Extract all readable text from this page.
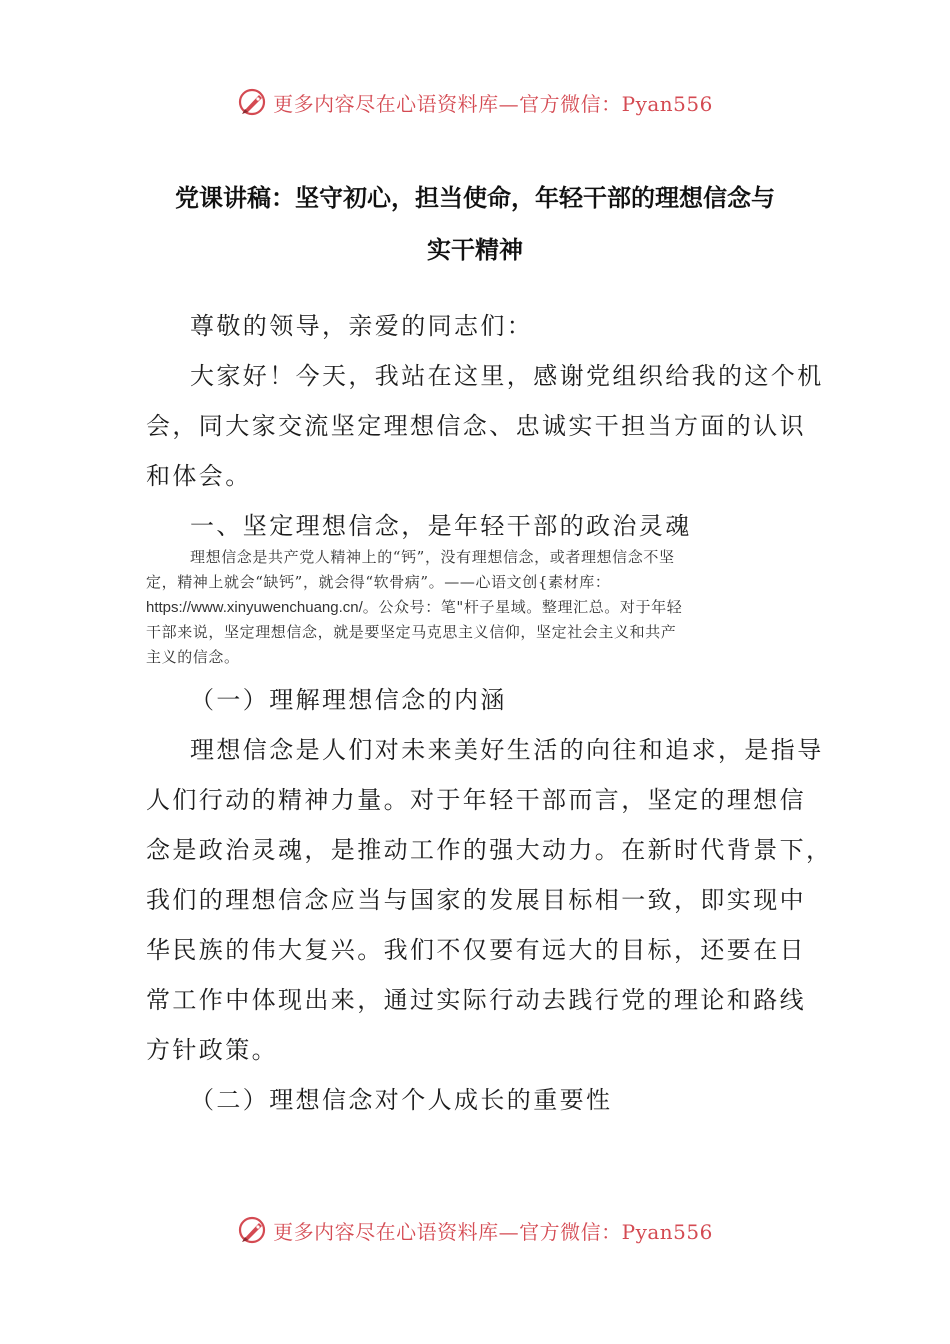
更多内容尽在心语资料库—官方微信：Pyan556
党课讲稿：坚守初心，担当使命，年轻干部的理想信念与
实干精神
尊敬的领导，亲爱的同志们：
大家好！今天，我站在这里，感谢党组织给我的这个机
会，同大家交流坚定理想信念、忠诚实干担当方面的认识
和体会。
一、坚定理想信念，是年轻干部的政治灵魂
理想信念是共产党人精神上的“钙”，没有理想信念，或者理想信念不坚
定，精神上就会“缺钙”，就会得“软骨病”。——心语文创{素材库：
https://www.xinyuwenchuang.cn/。公众号：笔"杆子星域。整理汇总。对于年轻
干部来说，坚定理想信念，就是要坚定马克思主义信仰，坚定社会主义和共产
主义的信念。
（一）理解理想信念的内涵
理想信念是人们对未来美好生活的向往和追求，是指导
人们行动的精神力量。对于年轻干部而言，坚定的理想信
念是政治灵魂，是推动工作的强大动力。在新时代背景下，
我们的理想信念应当与国家的发展目标相一致，即实现中
华民族的伟大复兴。我们不仅要有远大的目标，还要在日
常工作中体现出来，通过实际行动去践行党的理论和路线
方针政策。
（二）理想信念对个人成长的重要性
更多内容尽在心语资料库—官方微信：Pyan556
